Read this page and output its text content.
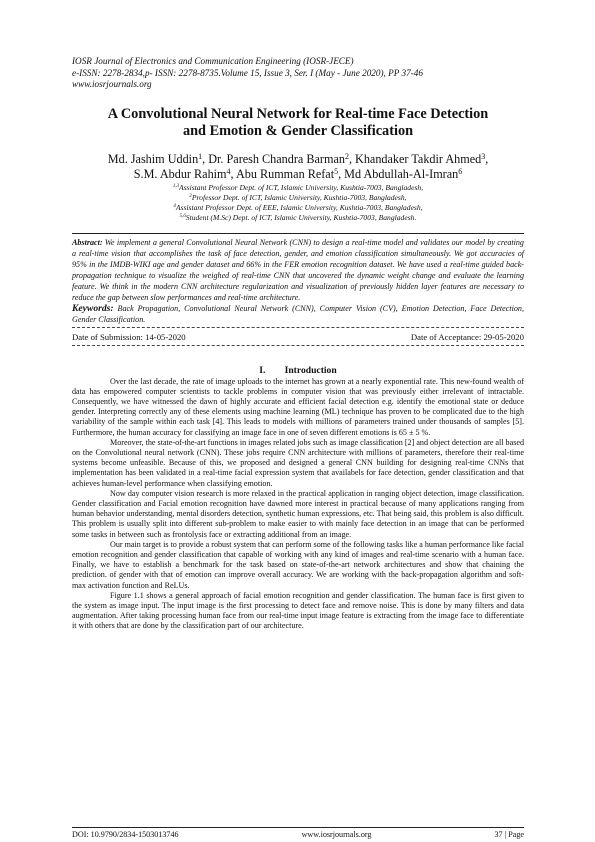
IOSR Journal of Electronics and Communication Engineering (IOSR-JECE)
e-ISSN: 2278-2834,p- ISSN: 2278-8735.Volume 15, Issue 3, Ser. I (May - June 2020), PP 37-46
www.iosrjournals.org
A Convolutional Neural Network for Real-time Face Detection
and Emotion & Gender Classification
Md. Jashim Uddin$^1$, Dr. Paresh Chandra Barman$^2$, Khandaker Takdir Ahmed$^3$,
S.M. Abdur Rahim$^4$, Abu Rumman Refat$^5$, Md Abdullah-Al-Imran$^6$
$^{1,3}$Assistant Professor Dept. of ICT, Islamic University, Kushtia-7003, Bangladesh,
$^2$Professor Dept. of ICT, Islamic University, Kushtia-7003, Bangladesh,
$^4$Assistant Professor Dept. of EEE, Islamic University, Kushtia-7003, Bangladesh,
$^{5,6}$Student (M.Sc) Dept. of ICT, Islamic University, Kushtia-7003, Bangladesh.
Abstract: We implement a general Convolutional Neural Network (CNN) to design a real-time model and validates our model by creating a real-time vision that accomplishes the task of face detection, gender, and emotion classification simultaneously. We got accuracies of 95% in the IMDB-WIKI age and gender dataset and 66% in the FER emotion recognition dataset. We have used a real-time guided back-propagation technique to visualize the weighed of real-time CNN that uncovered the dynamic weight change and evaluate the learning feature. We think in the modern CNN architecture regularization and visualization of previously hidden layer features are necessary to reduce the gap between slow performances and real-time architecture.
Keywords: Back Propagation, Convolutional Neural Network (CNN), Computer Vision (CV), Emotion Detection, Face Detection, Gender Classification.
Date of Submission: 14-05-2020	Date of Acceptance: 29-05-2020
I.        Introduction

Over the last decade, the rate of image uploads to the internet has grown at a nearly exponential rate. This new-found wealth of data has empowered computer scientists to tackle problems in computer vision that was previously either irrelevant of intractable. Consequently, we have witnessed the dawn of highly accurate and efficient facial detection e.g. identify the emotional state or deduce gender. Interpreting correctly any of these elements using machine learning (ML) technique has proven to be complicated due to the high variability of the sample within each task [4]. This leads to models with millions of parameters trained under thousands of samples [5]. Furthermore, the human accuracy for classifying an image face in one of seven different emotions is 65 ± 5 %.

Moreover, the state-of-the-art functions in images related jobs such as image classification [2] and object detection are all based on the Convolutional neural network (CNN). These jobs require CNN architecture with millions of parameters, therefore their real-time systems become unfeasible. Because of this, we proposed and designed a general CNN building for designing real-time CNNs that implementation has been validated in a real-time facial expression system that availabels for face detection, gender classification and that achieves human-level performance when classifying emotion.

Now day computer vision research is more relaxed in the practical application in ranging object detection, image classification. Gender classification and Facial emotion recognition have dawned more interest in practical because of many applications ranging from human behavior understanding, mental disorders detection, synthetic human expressions, etc. That being said, this problem is also difficult. This problem is usually split into different sub-problem to make easier to with mainly face detection in an image that can be performed some tasks in between such as frontolysis face or extracting additional from an image.

Our main target is to provide a robust system that can perform some of the following tasks like a human performance like facial emotion recognition and gender classification that capable of working with any kind of images and real-time scenario with a human face. Finally, we have to establish a benchmark for the task based on state-of-the-art network architectures and show that chaining the prediction. of gender with that of emotion can improve overall accuracy. We are working with the back-propagation algorithm and soft-max activation function and ReLUs.

Figure 1.1 shows a general approach of facial emotion recognition and gender classification. The human face is first given to the system as image input. The input image is the first processing to detect face and remove noise. This is done by many filters and data augmentation. After taking processing human face from our real-time input image feature is extracting from the image face to differentiate it with others that are done by the classification part of our architecture.

DOI: 10.9790/2834-1503013746	www.iosrjournals.org	37 | Page
